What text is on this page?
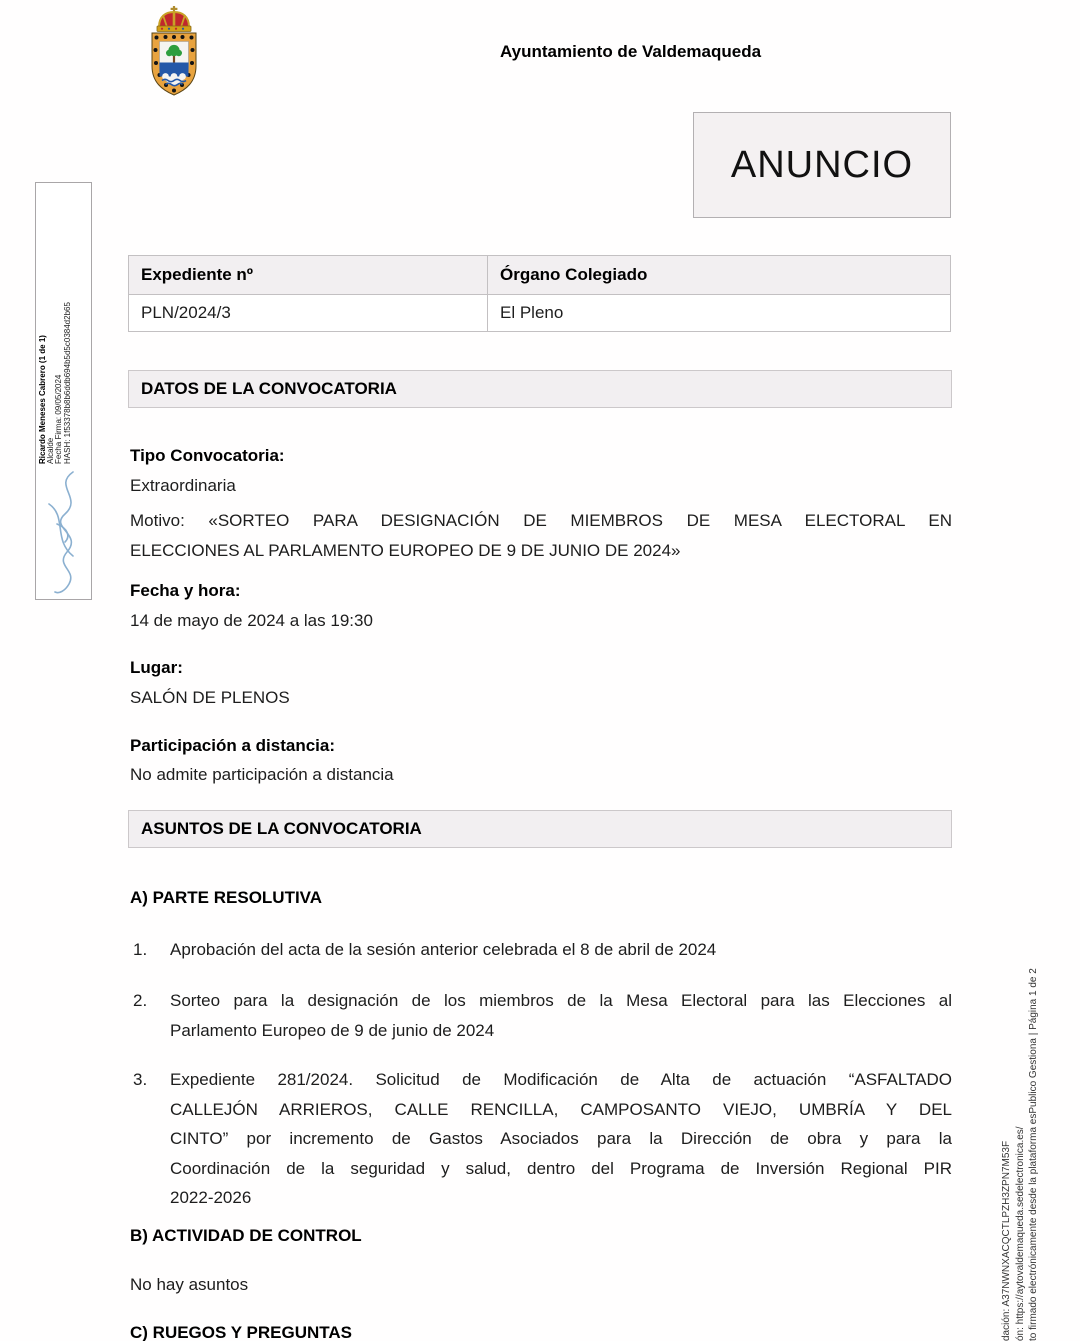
Ayuntamiento de Valdemaqueda
ANUNCIO
Ricardo Meneses Cabrero (1 de 1) Alcalde Fecha Firma: 09/05/2024 HASH: 1f53378b8b6ddb694b5d5c0384d2b65
Expediente nº	Órgano Colegiado
PLN/2024/3	El Pleno
DATOS DE LA CONVOCATORIA
Tipo Convocatoria:
Extraordinaria
Motivo: «SORTEO PARA DESIGNACIÓN DE MIEMBROS DE MESA ELECTORAL EN
ELECCIONES AL PARLAMENTO EUROPEO DE 9 DE JUNIO DE 2024»
Fecha y hora:
14 de mayo de 2024 a las 19:30
Lugar:
SALÓN DE PLENOS
Participación a distancia:
No admite participación a distancia
ASUNTOS DE LA CONVOCATORIA
A) PARTE RESOLUTIVA
1.	Aprobación del acta de la sesión anterior celebrada el 8 de abril de 2024
2.	Sorteo para la designación de los miembros de la Mesa Electoral para las Elecciones al
Parlamento Europeo de 9 de junio de 2024
3.	Expediente 281/2024. Solicitud de Modificación de Alta de actuación “ASFALTADO
CALLEJÓN ARRIEROS, CALLE RENCILLA, CAMPOSANTO VIEJO, UMBRÍA Y DEL
CINTO” por incremento de Gastos Asociados para la Dirección de obra y para la
Coordinación de la seguridad y salud, dentro del Programa de Inversión Regional PIR
2022-2026
B) ACTIVIDAD DE CONTROL
No hay asuntos
C) RUEGOS Y PREGUNTAS	dación: A37NWNXACQCTLPZH3ZPN7M53F ón: https://aytovaldemaqueda.sedelectronica.es/ to firmado electrónicamente desde la plataforma esPublico Gestiona | Página 1 de 2
